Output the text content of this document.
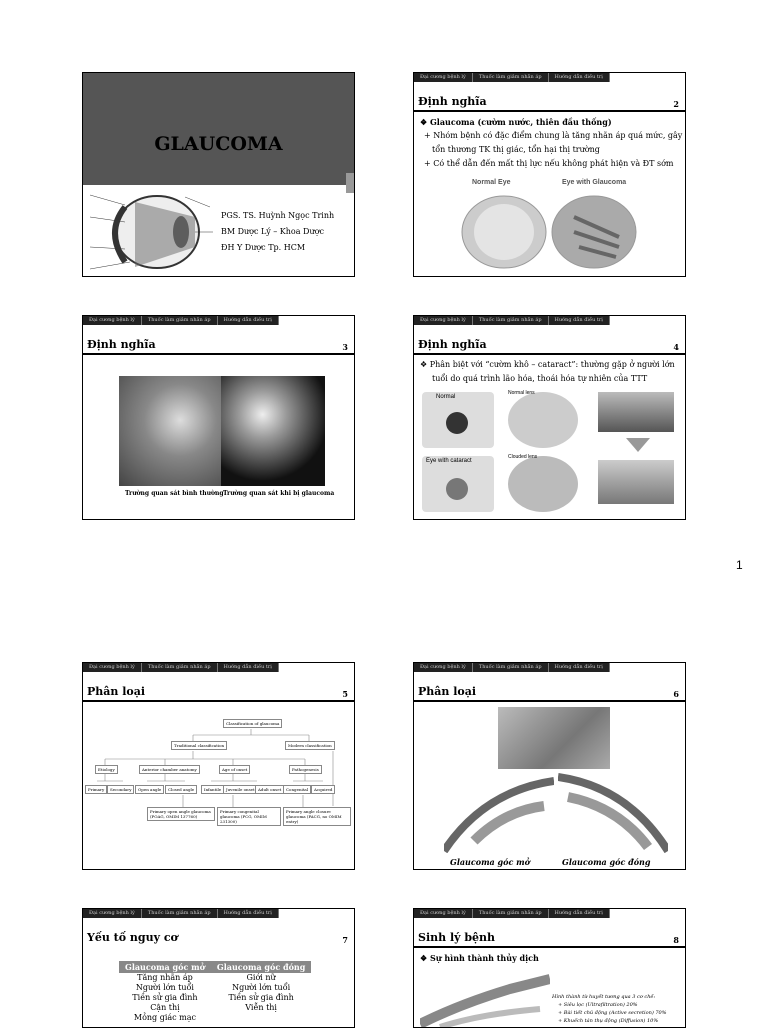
GLAUCOMA
PGS. TS. Huỳnh Ngọc Trinh
BM Dược Lý – Khoa Dược
ĐH Y Dược Tp. HCM
Đại cương bệnh lý	Thuốc làm giảm nhãn áp	Hướng dẫn điều trị
Định nghĩa	2
❖ Glaucoma (cườm nước, thiên đầu thống)
+ Nhóm bệnh có đặc điểm chung là tăng nhãn áp quá mức, gây
tổn thương TK thị giác, tổn hại thị trường
+ Có thể dẫn đến mất thị lực nếu không phát hiện và ĐT sớm
Normal Eye	Eye with Glaucoma
Đại cương bệnh lý	Thuốc làm giảm nhãn áp	Hướng dẫn điều trị
Định nghĩa	3
Trường quan sát bình thường Trường quan sát khi bị glaucoma
Đại cương bệnh lý	Thuốc làm giảm nhãn áp	Hướng dẫn điều trị
Định nghĩa	4
❖ Phân biệt với “cườm khô – cataract”: thường gặp ở người lớn
tuổi do quá trình lão hóa, thoái hóa tự nhiên của TTT
Normal
Normal lens
Eye with cataract
Clouded lens
1
Đại cương bệnh lý	Thuốc làm giảm nhãn áp	Hướng dẫn điều trị
Phân loại	5
Classification of glaucoma
Traditional classification	Modern classification
Etiology	Anterior chamber anatomy	Age of onset	Pathogenesis
Primary	Secondary	Open angle	Closed angle	Infantile	Juvenile onset Adult onset	Congenital	Acquired
Primary open angle glaucoma (POAG, OMIM 137760)
Primary congenital glaucoma (PCG, OMIM 231300)
Primary angle closure glaucoma (PACG, no OMIM entry)
Đại cương bệnh lý	Thuốc làm giảm nhãn áp	Hướng dẫn điều trị
Phân loại	6
Glaucoma góc mở	Glaucoma góc đóng
Đại cương bệnh lý	Thuốc làm giảm nhãn áp	Hướng dẫn điều trị
Yếu tố nguy cơ	7
Glaucoma góc mở	Glaucoma góc đóng
Tăng nhãn áp	Giới nữ
Người lớn tuổi	Người lớn tuổi
Tiền sử gia đình	Tiền sử gia đình
Cận thị	Viễn thị
Mỏng giác mạc	
Đại cương bệnh lý	Thuốc làm giảm nhãn áp	Hướng dẫn điều trị
Sinh lý bệnh	8
❖ Sự hình thành thủy dịch
Hình thành từ huyết tương qua 3 cơ chế:
+ Siêu lọc (Ultrafiltration) 20%
+ Bài tiết chủ động (Active secretion) 70%
+ Khuếch tán thụ động (Diffusion) 10%
